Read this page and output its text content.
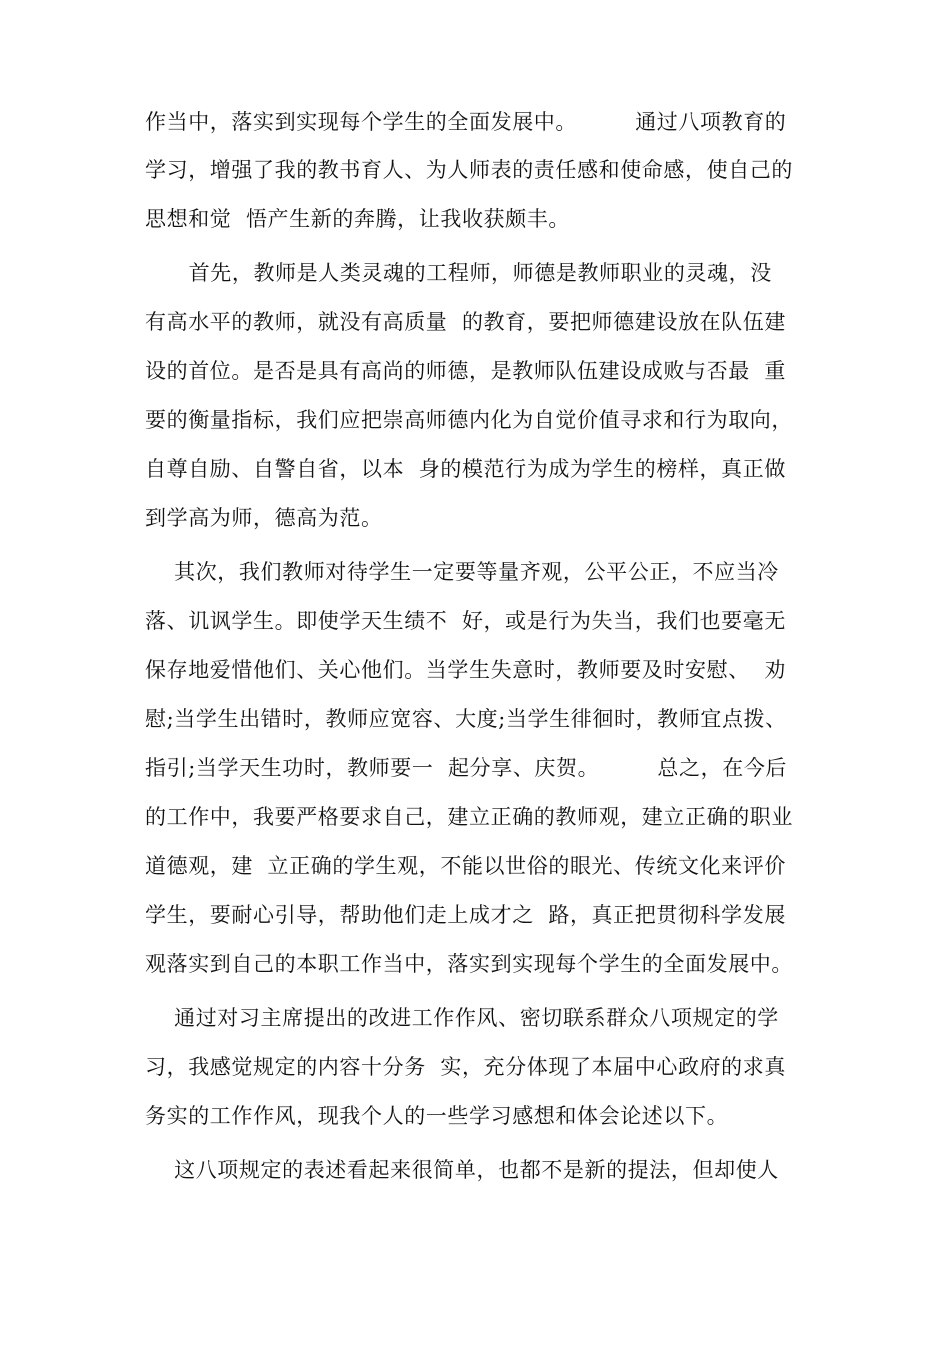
作当中，落实到实现每个学生的全面发展中。        通过八项教育的
学习，增强了我的教书育人、为人师表的责任感和使命感，使自己的
思想和觉  悟产生新的奔腾，让我收获颇丰。
首先，教师是人类灵魂的工程师，师德是教师职业的灵魂，没
有高水平的教师，就没有高质量  的教育，要把师德建设放在队伍建
设的首位。是否是具有高尚的师德，是教师队伍建设成败与否最  重
要的衡量指标，我们应把崇高师德内化为自觉价值寻求和行为取向，
自尊自励、自警自省，以本  身的模范行为成为学生的榜样，真正做
到学高为师，德高为范。
其次，我们教师对待学生一定要等量齐观，公平公正，不应当冷
落、讥讽学生。即使学天生绩不  好，或是行为失当，我们也要毫无
保存地爱惜他们、关心他们。当学生失意时，教师要及时安慰、  劝
慰;当学生出错时，教师应宽容、大度;当学生徘徊时，教师宜点拨、
指引;当学天生功时，教师要一  起分享、庆贺。        总之，在今后
的工作中，我要严格要求自己，建立正确的教师观，建立正确的职业
道德观，建  立正确的学生观，不能以世俗的眼光、传统文化来评价
学生，要耐心引导，帮助他们走上成才之  路，真正把贯彻科学发展
观落实到自己的本职工作当中，落实到实现每个学生的全面发展中。
通过对习主席提出的改进工作作风、密切联系群众八项规定的学
习，我感觉规定的内容十分务  实，充分体现了本届中心政府的求真
务实的工作作风，现我个人的一些学习感想和体会论述以下。
这八项规定的表述看起来很简单，也都不是新的提法，但却使人
